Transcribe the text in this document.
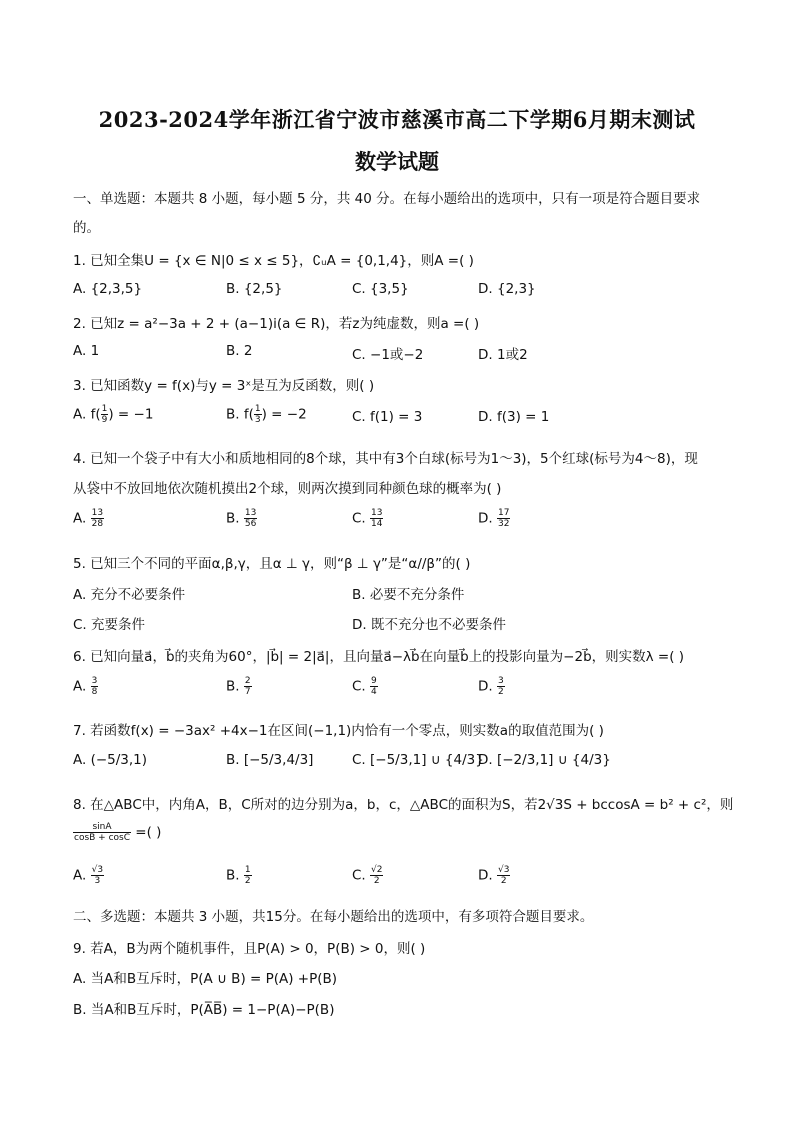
2023-2024学年浙江省宁波市慈溪市高二下学期6月期末测试
数学试题
一、单选题：本题共 8 小题，每小题 5 分，共 40 分。在每小题给出的选项中，只有一项是符合题目要求
的。
1. 已知全集U = {x ∈ N|0 ≤ x ≤ 5}，∁ᵤA = {0,1,4}，则A =( )
A. {2,3,5}	B. {2,5}	C. {3,5}	D. {2,3}
2. 已知z = a²−3a + 2 + (a−1)i(a ∈ R)，若z为纯虚数，则a =( )
A. 1	B. 2	C. −1或−2	D. 1或2
3. 已知函数y = f(x)与y = 3ˣ是互为反函数，则( )
A. $f( \frac{1}{9}$ ) = −1	B. $f( \frac{1}{3}$ ) = −2	C. f(1) = 3	D. f(3) = 1
4. 已知一个袋子中有大小和质地相同的8个球，其中有3个白球(标号为1～3)，5个红球(标号为4～8)，现
从袋中不放回地依次随机摸出2个球，则两次摸到同种颜色球的概率为( )
A. $\frac{13}{28}$	B. $\frac{13}{56}$	C. $\frac{13}{14}$	D. $\frac{17}{32}$
5. 已知三个不同的平面α,β,γ，且α ⊥ γ，则“β ⊥ γ”是“α//β”的( )
A. 充分不必要条件	B. 必要不充分条件
C. 充要条件	D. 既不充分也不必要条件
6. 已知向量a⃗，b⃗的夹角为60°，|b⃗| = 2|a⃗|，且向量a⃗−λb⃗在向量b⃗上的投影向量为−2b⃗，则实数λ =( )
A. $\frac{3}{8}$	B. $\frac{2}{7}$	C. $\frac{9}{4}$	D. $\frac{3}{2}$
7. 若函数f(x) = −3ax² +4x−1在区间(−1,1)内恰有一个零点，则实数a的取值范围为( )
A. (−5/3,1)	B. [−5/3,4/3]	C. [−5/3,1] ∪ {4/3}
D. [−2/3,1] ∪ {4/3}
8. 在△ABC中，内角A，B，C所对的边分别为a，b，c，△ABC的面积为S，若2√3S + bccosA = b² + c²，则
$\frac{\sin A}{\cos B + \cos C}$ =( )
A. $\frac{√3}{3}$	B. $\frac{1}{2}$	C. $\frac{√2}{2}$	D. $\frac{√3}{2}$
二、多选题：本题共 3 小题，共15分。在每小题给出的选项中，有多项符合题目要求。
9. 若A，B为两个随机事件，且P(A) > 0，P(B) > 0，则( )
A. 当A和B互斥时，P(A ∪ B) = P(A) +P(B)
B. 当A和B互斥时，P(A̅B̅) = 1−P(A)−P(B)
